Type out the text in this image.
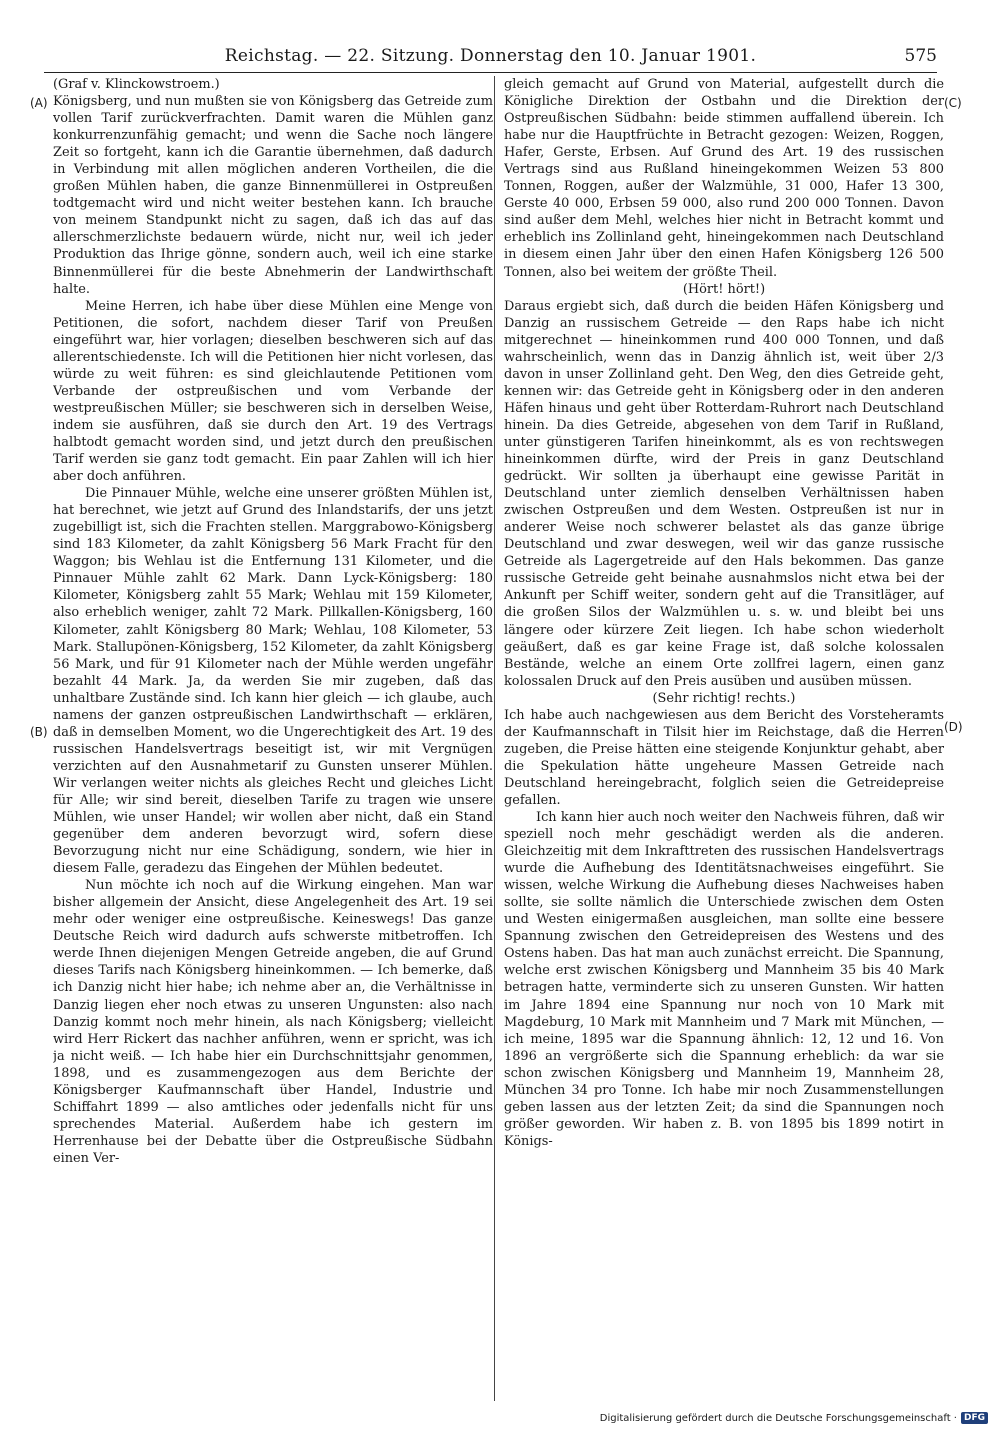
Reichstag. — 22. Sitzung. Donnerstag den 10. Januar 1901.	575
(A)
(B)
(C)
(D)

(Graf v. Klinckowstroem.)

Königsberg, und nun mußten sie von Königsberg das Getreide zum vollen Tarif zurückverfrachten. Damit waren die Mühlen ganz konkurrenzunfähig gemacht; und wenn die Sache noch längere Zeit so fortgeht, kann ich die Garantie übernehmen, daß dadurch in Verbindung mit allen möglichen anderen Vortheilen, die die großen Mühlen haben, die ganze Binnenmüllerei in Ostpreußen todtgemacht wird und nicht weiter bestehen kann. Ich brauche von meinem Standpunkt nicht zu sagen, daß ich das auf das allerschmerzlichste bedauern würde, nicht nur, weil ich jeder Produktion das Ihrige gönne, sondern auch, weil ich eine starke Binnenmüllerei für die beste Abnehmerin der Landwirthschaft halte.

Meine Herren, ich habe über diese Mühlen eine Menge von Petitionen, die sofort, nachdem dieser Tarif von Preußen eingeführt war, hier vorlagen; dieselben beschweren sich auf das allerentschiedenste. Ich will die Petitionen hier nicht vorlesen, das würde zu weit führen: es sind gleichlautende Petitionen vom Verbande der ostpreußischen und vom Verbande der westpreußischen Müller; sie beschweren sich in derselben Weise, indem sie ausführen, daß sie durch den Art. 19 des Vertrags halbtodt gemacht worden sind, und jetzt durch den preußischen Tarif werden sie ganz todt gemacht. Ein paar Zahlen will ich hier aber doch anführen.

Die Pinnauer Mühle, welche eine unserer größten Mühlen ist, hat berechnet, wie jetzt auf Grund des Inlandstarifs, der uns jetzt zugebilligt ist, sich die Frachten stellen. Marggrabowo-Königsberg sind 183 Kilometer, da zahlt Königsberg 56 Mark Fracht für den Waggon; bis Wehlau ist die Entfernung 131 Kilometer, und die Pinnauer Mühle zahlt 62 Mark. Dann Lyck-Königsberg: 180 Kilometer, Königsberg zahlt 55 Mark; Wehlau mit 159 Kilometer, also erheblich weniger, zahlt 72 Mark. Pillkallen-Königsberg, 160 Kilometer, zahlt Königsberg 80 Mark; Wehlau, 108 Kilometer, 53 Mark. Stallupönen-Königsberg, 152 Kilometer, da zahlt Königsberg 56 Mark, und für 91 Kilometer nach der Mühle werden ungefähr bezahlt 44 Mark. Ja, da werden Sie mir zugeben, daß das unhaltbare Zustände sind. Ich kann hier gleich — ich glaube, auch namens der ganzen ostpreußischen Landwirthschaft — erklären, daß in demselben Moment, wo die Ungerechtigkeit des Art. 19 des russischen Handelsvertrags beseitigt ist, wir mit Vergnügen verzichten auf den Ausnahmetarif zu Gunsten unserer Mühlen. Wir verlangen weiter nichts als gleiches Recht und gleiches Licht für Alle; wir sind bereit, dieselben Tarife zu tragen wie unsere Mühlen, wie unser Handel; wir wollen aber nicht, daß ein Stand gegenüber dem anderen bevorzugt wird, sofern diese Bevorzugung nicht nur eine Schädigung, sondern, wie hier in diesem Falle, geradezu das Eingehen der Mühlen bedeutet.

Nun möchte ich noch auf die Wirkung eingehen. Man war bisher allgemein der Ansicht, diese Angelegenheit des Art. 19 sei mehr oder weniger eine ostpreußische. Keineswegs! Das ganze Deutsche Reich wird dadurch aufs schwerste mitbetroffen. Ich werde Ihnen diejenigen Mengen Getreide angeben, die auf Grund dieses Tarifs nach Königsberg hineinkommen. — Ich bemerke, daß ich Danzig nicht hier habe; ich nehme aber an, die Verhältnisse in Danzig liegen eher noch etwas zu unseren Ungunsten: also nach Danzig kommt noch mehr hinein, als nach Königsberg; vielleicht wird Herr Rickert das nachher anführen, wenn er spricht, was ich ja nicht weiß. — Ich habe hier ein Durchschnittsjahr genommen, 1898, und es zusammengezogen aus dem Berichte der Königsberger Kaufmannschaft über Handel, Industrie und Schiffahrt 1899 — also amtliches oder jedenfalls nicht für uns sprechendes Material. Außerdem habe ich gestern im Herrenhause bei der Debatte über die Ostpreußische Südbahn einen Ver-

gleich gemacht auf Grund von Material, aufgestellt durch die Königliche Direktion der Ostbahn und die Direktion der Ostpreußischen Südbahn: beide stimmen auffallend überein. Ich habe nur die Hauptfrüchte in Betracht gezogen: Weizen, Roggen, Hafer, Gerste, Erbsen. Auf Grund des Art. 19 des russischen Vertrags sind aus Rußland hineingekommen Weizen 53 800 Tonnen, Roggen, außer der Walzmühle, 31 000, Hafer 13 300, Gerste 40 000, Erbsen 59 000, also rund 200 000 Tonnen. Davon sind außer dem Mehl, welches hier nicht in Betracht kommt und erheblich ins Zollinland geht, hineingekommen nach Deutschland in diesem einen Jahr über den einen Hafen Königsberg 126 500 Tonnen, also bei weitem der größte Theil.

(Hört! hört!)

Daraus ergiebt sich, daß durch die beiden Häfen Königsberg und Danzig an russischem Getreide — den Raps habe ich nicht mitgerechnet — hineinkommen rund 400 000 Tonnen, und daß wahrscheinlich, wenn das in Danzig ähnlich ist, weit über 2/3 davon in unser Zollinland geht. Den Weg, den dies Getreide geht, kennen wir: das Getreide geht in Königsberg oder in den anderen Häfen hinaus und geht über Rotterdam-Ruhrort nach Deutschland hinein. Da dies Getreide, abgesehen von dem Tarif in Rußland, unter günstigeren Tarifen hineinkommt, als es von rechtswegen hineinkommen dürfte, wird der Preis in ganz Deutschland gedrückt. Wir sollten ja überhaupt eine gewisse Parität in Deutschland unter ziemlich denselben Verhältnissen haben zwischen Ostpreußen und dem Westen. Ostpreußen ist nur in anderer Weise noch schwerer belastet als das ganze übrige Deutschland und zwar deswegen, weil wir das ganze russische Getreide als Lagergetreide auf den Hals bekommen. Das ganze russische Getreide geht beinahe ausnahmslos nicht etwa bei der Ankunft per Schiff weiter, sondern geht auf die Transitläger, auf die großen Silos der Walzmühlen u. s. w. und bleibt bei uns längere oder kürzere Zeit liegen. Ich habe schon wiederholt geäußert, daß es gar keine Frage ist, daß solche kolossalen Bestände, welche an einem Orte zollfrei lagern, einen ganz kolossalen Druck auf den Preis ausüben und ausüben müssen.

(Sehr richtig! rechts.)

Ich habe auch nachgewiesen aus dem Bericht des Vorsteheramts der Kaufmannschaft in Tilsit hier im Reichstage, daß die Herren zugeben, die Preise hätten eine steigende Konjunktur gehabt, aber die Spekulation hätte ungeheure Massen Getreide nach Deutschland hereingebracht, folglich seien die Getreidepreise gefallen.

Ich kann hier auch noch weiter den Nachweis führen, daß wir speziell noch mehr geschädigt werden als die anderen. Gleichzeitig mit dem Inkrafttreten des russischen Handelsvertrags wurde die Aufhebung des Identitätsnachweises eingeführt. Sie wissen, welche Wirkung die Aufhebung dieses Nachweises haben sollte, sie sollte nämlich die Unterschiede zwischen dem Osten und Westen einigermaßen ausgleichen, man sollte eine bessere Spannung zwischen den Getreidepreisen des Westens und des Ostens haben. Das hat man auch zunächst erreicht. Die Spannung, welche erst zwischen Königsberg und Mannheim 35 bis 40 Mark betragen hatte, verminderte sich zu unseren Gunsten. Wir hatten im Jahre 1894 eine Spannung nur noch von 10 Mark mit Magdeburg, 10 Mark mit Mannheim und 7 Mark mit München, — ich meine, 1895 war die Spannung ähnlich: 12, 12 und 16. Von 1896 an vergrößerte sich die Spannung erheblich: da war sie schon zwischen Königsberg und Mannheim 19, Mannheim 28, München 34 pro Tonne. Ich habe mir noch Zusammenstellungen geben lassen aus der letzten Zeit; da sind die Spannungen noch größer geworden. Wir haben z. B. von 1895 bis 1899 notirt in Königs-

Digitalisierung gefördert durch die Deutsche Forschungsgemeinschaft · DFG
